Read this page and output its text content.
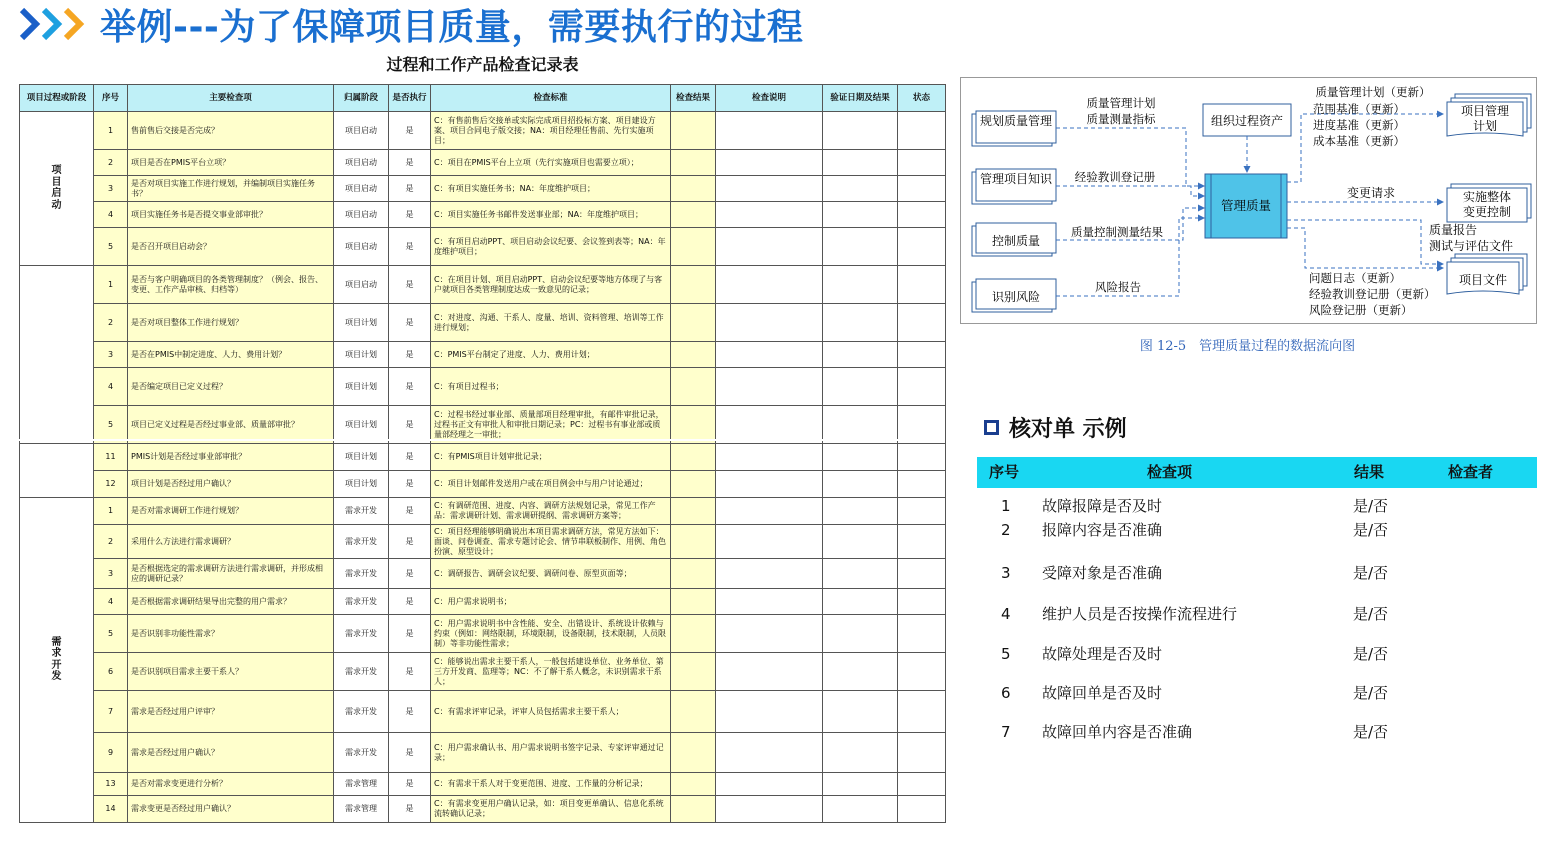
举例---为了保障项目质量，需要执行的过程
过程和工作产品检查记录表
项目过程或阶段	序号	主要检查项	归属阶段	是否执行	检查标准	检查结果	检查说明	验证日期及结果	状态
项目启动	1	售前售后交接是否完成？	项目启动	是	C：有售前售后交接单或实际完成项目招投标方案、项目建设方案、项目合同电子版交接；NA：项目经理任售前、先行实施项目；				
	2	项目是否在PMIS平台立项？	项目启动	是	C：项目在PMIS平台上立项（先行实施项目也需要立项）；				
	3	是否对项目实施工作进行规划，并编制项目实施任务书？	项目启动	是	C：有项目实施任务书；NA：年度维护项目；				
	4	项目实施任务书是否提交事业部审批？	项目启动	是	C：项目实施任务书邮件发送事业部；NA：年度维护项目；				
	5	是否召开项目启动会？	项目启动	是	C：有项目启动PPT、项目启动会议纪要、会议签到表等；NA：年度维护项目；				
	1	是否与客户明确项目的各类管理制度？（例会、报告、变更、工作产品审核、归档等）	项目启动	是	C：在项目计划、项目启动PPT、启动会议纪要等地方体现了与客户就项目各类管理制度达成一致意见的记录；				
	2	是否对项目整体工作进行规划？	项目计划	是	C：对进度、沟通、干系人、度量、培训、资料管理、培训等工作进行规划；				
	3	是否在PMIS中制定进度、人力、费用计划？	项目计划	是	C：PMIS平台制定了进度、人力、费用计划；				
	4	是否编定项目已定义过程？	项目计划	是	C：有项目过程书；				
	5	项目已定义过程是否经过事业部、质量部审批？	项目计划	是	C：过程书经过事业部、质量部项目经理审批，有邮件审批记录，过程书正文有审批人和审批日期记录；PC：过程书有事业部或质量部经理之一审批；				
	11	PMIS计划是否经过事业部审批？	项目计划	是	C：有PMIS项目计划审批记录；				
	12	项目计划是否经过用户确认？	项目计划	是	C：项目计划邮件发送用户或在项目例会中与用户讨论通过；				
需求开发	1	是否对需求调研工作进行规划？	需求开发	是	C：有调研范围、进度、内容、调研方法规划记录，常见工作产品：需求调研计划、需求调研提纲、需求调研方案等；				
	2	采用什么方法进行需求调研？	需求开发	是	C：项目经理能够明确说出本项目需求调研方法，常见方法如下：面谈、问卷调查、需求专题讨论会、情节串联板制作、用例、角色扮演、原型设计；				
	3	是否根据选定的需求调研方法进行需求调研，并形成相应的调研记录？	需求开发	是	C：调研报告、调研会议纪要、调研问卷、原型页面等；				
	4	是否根据需求调研结果导出完整的用户需求？	需求开发	是	C：用户需求说明书；				
	5	是否识别非功能性需求？	需求开发	是	C：用户需求说明书中含性能、安全、出错设计、系统设计依赖与约束（例如：网络限制，环境限制，设备限制，技术限制，人员限制）等非功能性需求；				
	6	是否识别项目需求主要干系人？	需求开发	是	C：能够说出需求主要干系人，一般包括建设单位、业务单位、第三方开发商、监理等；NC：不了解干系人概念，未识别需求干系人；				
	7	需求是否经过用户评审？	需求开发	是	C：有需求评审记录，评审人员包括需求主要干系人；				
	9	需求是否经过用户确认？	需求开发	是	C：用户需求确认书、用户需求说明书签字记录、专家评审通过记录；				
	13	是否对需求变更进行分析？	需求管理	是	C：有需求干系人对于变更范围、进度、工作量的分析记录；				
	14	需求变更是否经过用户确认？	需求管理	是	C：有需求变更用户确认记录，如：项目变更单确认、信息化系统流转确认记录；				
规划质量管理
管理项目知识
控制质量
识别风险
质量管理计划
质量测量指标
经验教训登记册
质量控制测量结果
风险报告
组织过程资产
管理质量
质量管理计划（更新）
范围基准（更新）
进度基准（更新）
成本基准（更新）
项目管理
计划
变更请求	实施整体
变更控制
质量报告
测试与评估文件
项目文件
问题日志（更新）
经验教训登记册（更新）
风险登记册（更新）
图 12-5　管理质量过程的数据流向图
核对单 示例
序号	检查项	结果	检查者
1 故障报障是否及时	是/否
2 报障内容是否准确	是/否
3 受障对象是否准确	是/否
4 维护人员是否按操作流程进行	是/否
5 故障处理是否及时	是/否
6 故障回单是否及时	是/否
7 故障回单内容是否准确	是/否
